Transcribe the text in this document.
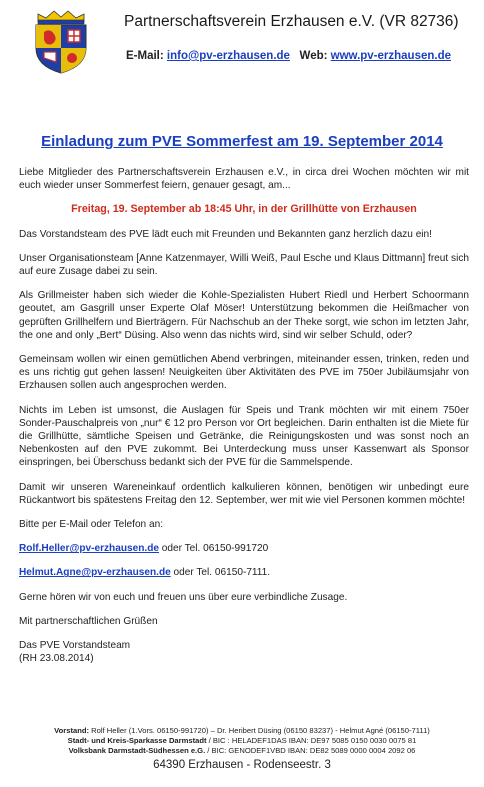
Partnerschaftsverein Erzhausen e.V. (VR 82736)
E-Mail: info@pv-erzhausen.de Web: www.pv-erzhausen.de
Einladung zum PVE Sommerfest am 19. September 2014

Liebe Mitglieder des Partnerschaftsverein Erzhausen e.V., in circa drei Wochen möchten wir mit euch wieder unser Sommerfest feiern, genauer gesagt, am...

Freitag, 19. September ab 18:45 Uhr, in der Grillhütte von Erzhausen

Das Vorstandsteam des PVE lädt euch mit Freunden und Bekannten ganz herzlich dazu ein!

Unser Organisationsteam [Anne Katzenmayer, Willi Weiß, Paul Esche und Klaus Dittmann] freut sich auf eure Zusage dabei zu sein.

Als Grillmeister haben sich wieder die Kohle-Spezialisten Hubert Riedl und Herbert Schoormann geoutet, am Gasgrill unser Experte Olaf Möser! Unterstützung bekommen die Heißmacher von geprüften Grillhelfern und Bierträgern. Für Nachschub an der Theke sorgt, wie schon im letzten Jahr, the one and only „Bert“ Düsing. Also wenn das nichts wird, sind wir selber Schuld, oder?

Gemeinsam wollen wir einen gemütlichen Abend verbringen, miteinander essen, trinken, reden und es uns richtig gut gehen lassen! Neuigkeiten über Aktivitäten des PVE im 750er Jubiläumsjahr von Erzhausen sollen auch angesprochen werden.

Nichts im Leben ist umsonst, die Auslagen für Speis und Trank möchten wir mit einem 750er Sonder-Pauschalpreis von „nur“ € 12 pro Person vor Ort begleichen. Darin enthalten ist die Miete für die Grillhütte, sämtliche Speisen und Getränke, die Reinigungskosten und was sonst noch an Nebenkosten auf den PVE zukommt. Bei Unterdeckung muss unser Kassenwart als Sponsor einspringen, bei Überschuss bedankt sich der PVE für die Sammelspende.

Damit wir unseren Wareneinkauf ordentlich kalkulieren können, benötigen wir unbedingt eure Rückantwort bis spätestens Freitag den 12. September, wer mit wie viel Personen kommen möchte!

Bitte per E-Mail oder Telefon an:

Rolf.Heller@pv-erzhausen.de oder Tel. 06150-991720

Helmut.Agne@pv-erzhausen.de oder Tel. 06150-7111.

Gerne hören wir von euch und freuen uns über eure verbindliche Zusage.

Mit partnerschaftlichen Grüßen

Das PVE Vorstandsteam
(RH 23.08.2014)
Vorstand: Rolf Heller (1.Vors. 06150-991720) – Dr. Heribert Düsing (06150 83237) - Helmut Agné (06150-7111)
Stadt- und Kreis-Sparkasse Darmstadt / BIC : HELADEF1DAS IBAN: DE97 5085 0150 0030 0075 81
Volksbank Darmstadt-Südhessen e.G. / BIC: GENODEF1VBD IBAN: DE82 5089 0000 0004 2092 06
64390 Erzhausen - Rodenseestr. 3
